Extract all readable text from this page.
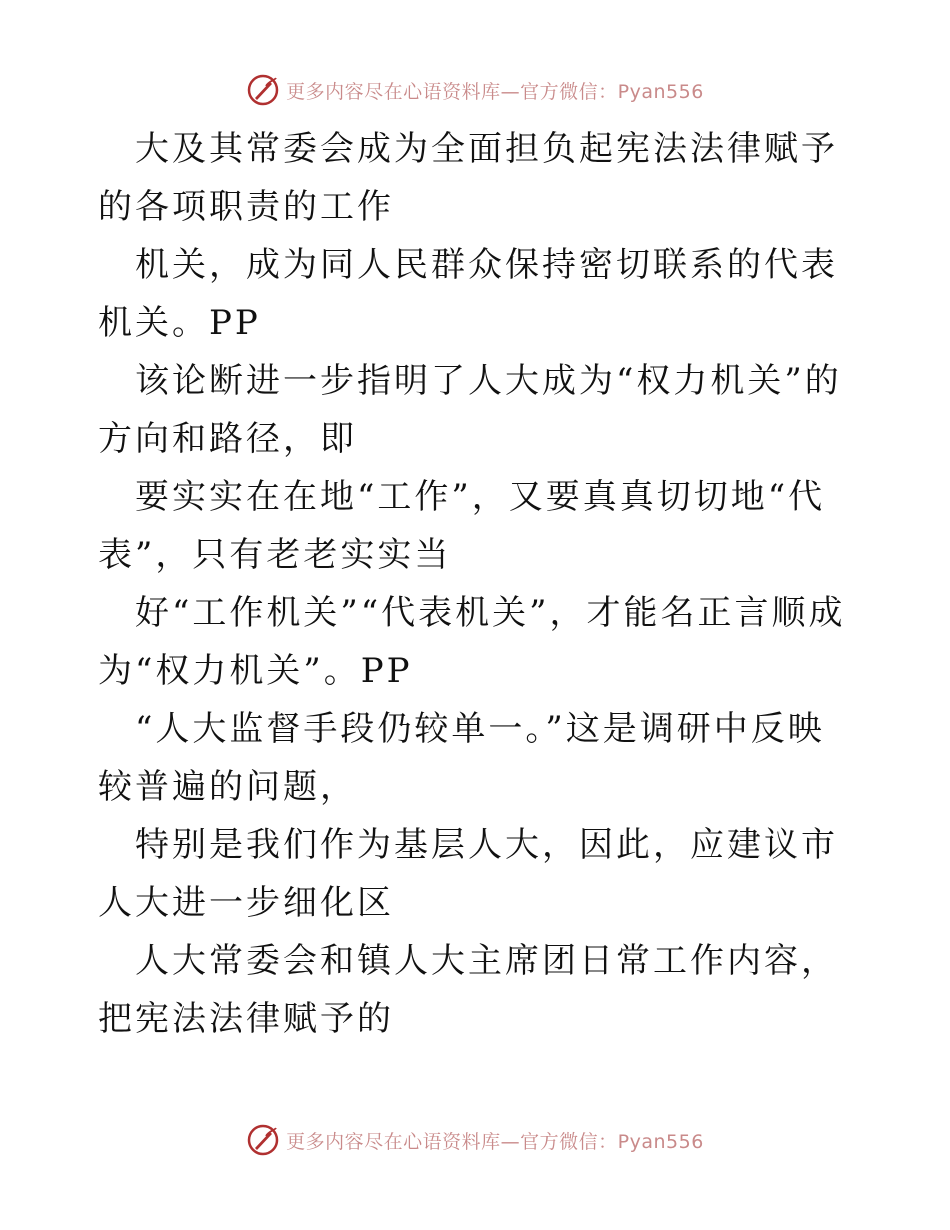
更多内容尽在心语资料库—官方微信：Pyan556

大及其常委会成为全面担负起宪法法律赋予的各项职责的工作

机关，成为同人民群众保持密切联系的代表机关。PP

该论断进一步指明了人大成为“权力机关”的方向和路径，即

要实实在在地“工作”，又要真真切切地“代表”，只有老老实实当

好“工作机关”“代表机关”，才能名正言顺成为“权力机关”。PP

“人大监督手段仍较单一。”这是调研中反映较普遍的问题，

特别是我们作为基层人大，因此，应建议市人大进一步细化区

人大常委会和镇人大主席团日常工作内容，把宪法法律赋予的

更多内容尽在心语资料库—官方微信：Pyan556
